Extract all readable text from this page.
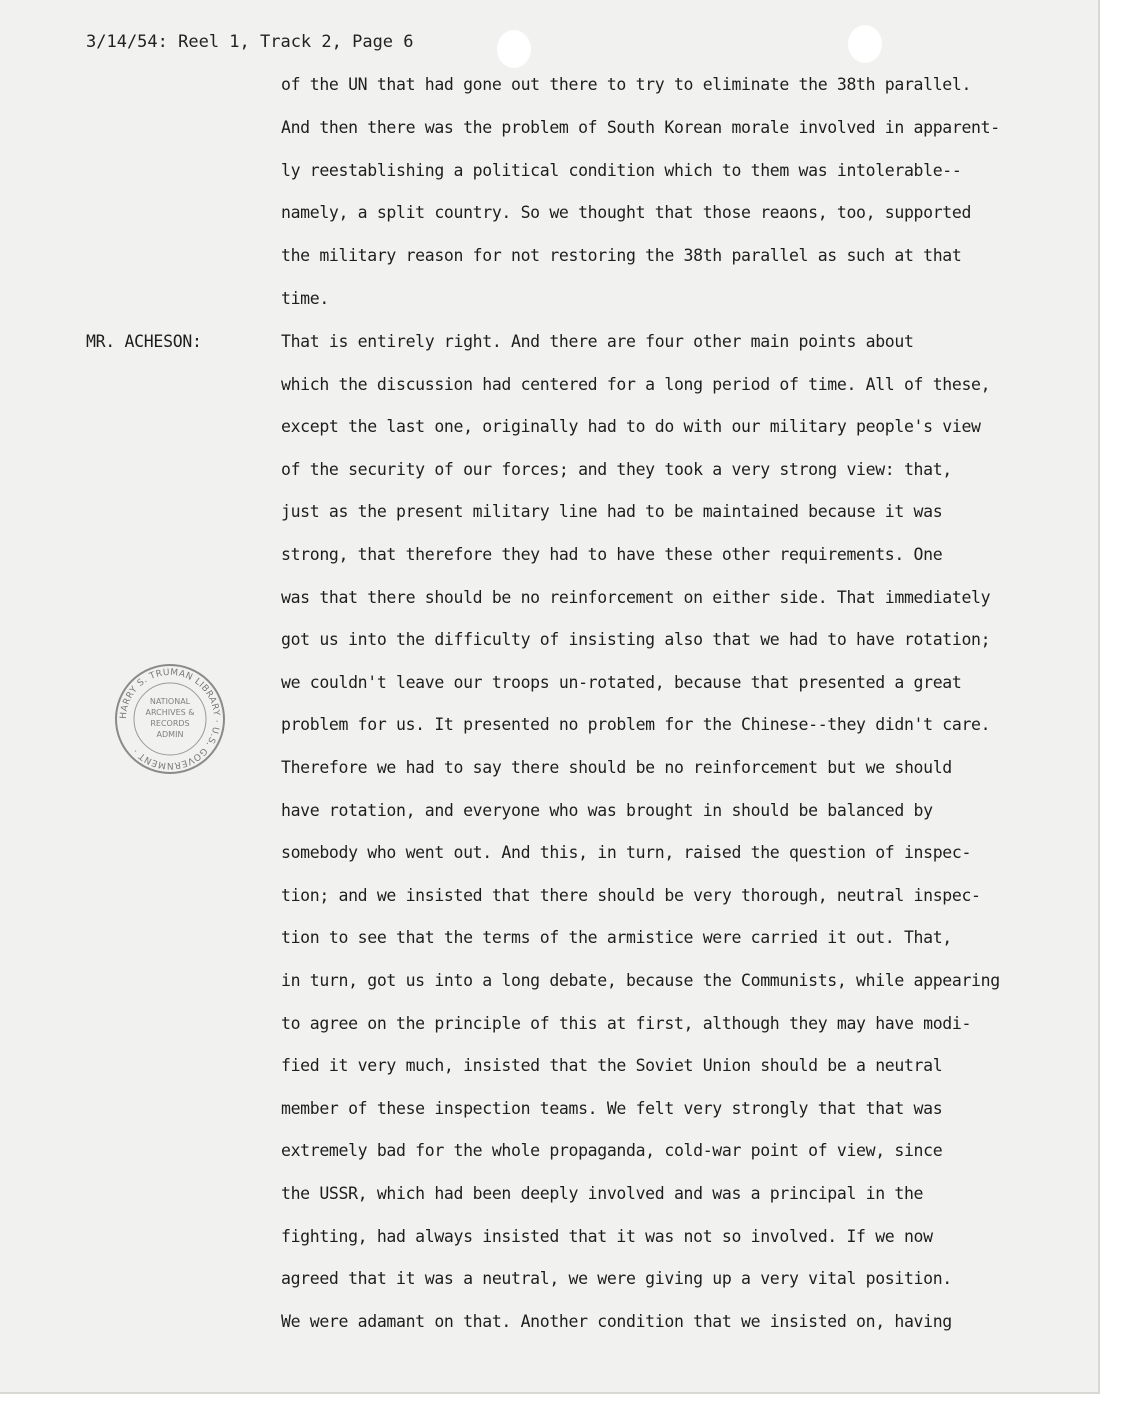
3/14/54: Reel 1, Track 2, Page 6
of the UN that had gone out there to try to eliminate the 38th parallel.
And then there was the problem of South Korean morale involved in apparent-
ly reestablishing a political condition which to them was intolerable--
namely, a split country. So we thought that those reaons, too, supported
the military reason for not restoring the 38th parallel as such at that
time.
MR. ACHESON:	That is entirely right. And there are four other main points about
which the discussion had centered for a long period of time. All of these,
except the last one, originally had to do with our military people's view
of the security of our forces; and they took a very strong view: that,
just as the present military line had to be maintained because it was
strong, that therefore they had to have these other requirements. One
was that there should be no reinforcement on either side. That immediately
got us into the difficulty of insisting also that we had to have rotation;
we couldn't leave our troops un-rotated, because that presented a great
problem for us. It presented no problem for the Chinese--they didn't care.
Therefore we had to say there should be no reinforcement but we should
have rotation, and everyone who was brought in should be balanced by
somebody who went out. And this, in turn, raised the question of inspec-
tion; and we insisted that there should be very thorough, neutral inspec-
tion to see that the terms of the armistice were carried it out. That,
in turn, got us into a long debate, because the Communists, while appearing
to agree on the principle of this at first, although they may have modi-
fied it very much, insisted that the Soviet Union should be a neutral
member of these inspection teams. We felt very strongly that that was
extremely bad for the whole propaganda, cold-war point of view, since
the USSR, which had been deeply involved and was a principal in the
fighting, had always insisted that it was not so involved. If we now
agreed that it was a neutral, we were giving up a very vital position.
We were adamant on that. Another condition that we insisted on, having
HARRY S. TRUMAN LIBRARY · U.S. GOVERNMENT ·
NATIONAL
ARCHIVES &
RECORDS
ADMIN
